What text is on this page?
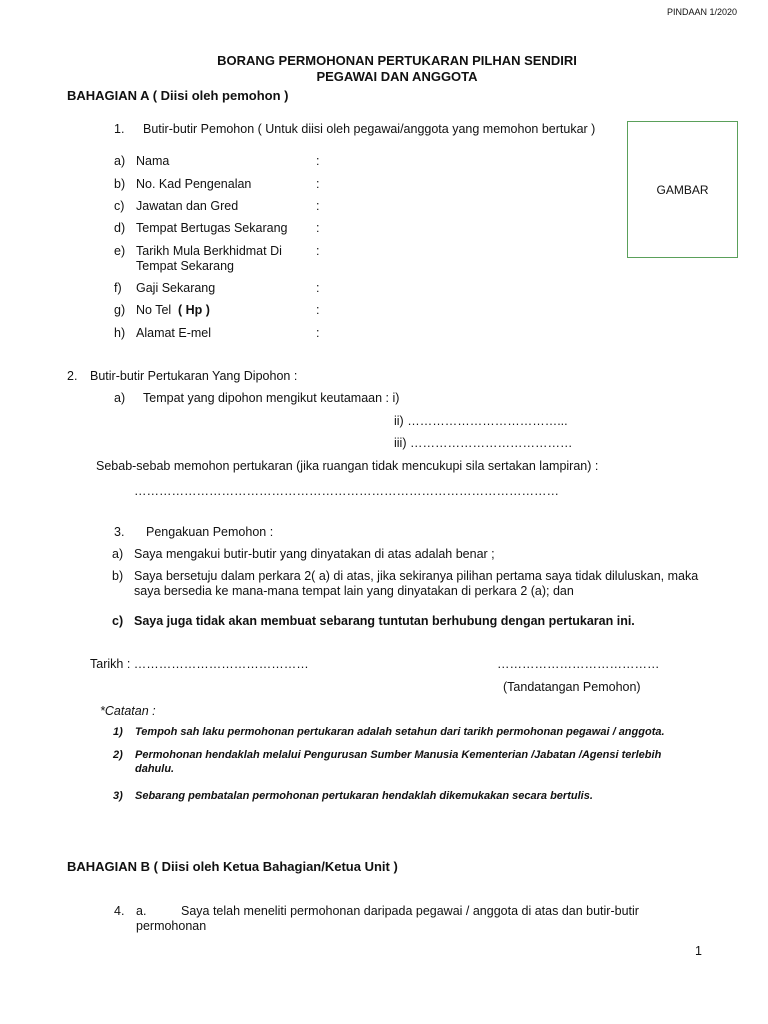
PINDAAN 1/2020
BORANG PERMOHONAN PERTUKARAN PILHAN SENDIRI
PEGAWAI DAN ANGGOTA
BAHAGIAN A ( Diisi oleh pemohon )
GAMBAR
1. Butir-butir Pemohon ( Untuk diisi oleh pegawai/anggota yang memohon bertukar )
a) Nama	:
b) No. Kad Pengenalan	:
c) Jawatan dan Gred	:
d) Tempat Bertugas Sekarang :
e) Tarikh Mula Berkhidmat Di
Tempat Sekarang
:
f) Gaji Sekarang	:
g) No Tel ( Hp )	:
h) Alamat E-mel	:
2. Butir-butir Pertukaran Yang Dipohon :
a) Tempat yang dipohon mengikut keutamaan : i)
ii) ………………………………...
iii) …………………………………
Sebab-sebab memohon pertukaran (jika ruangan tidak mencukupi sila sertakan lampiran) :
…………………………………………………………………………………………
3. Pengakuan Pemohon :
a) Saya mengakui butir-butir yang dinyatakan di atas adalah benar ;
b) Saya bersetuju dalam perkara 2( a) di atas, jika sekiranya pilihan pertama saya tidak diluluskan, maka
saya bersedia ke mana-mana tempat lain yang dinyatakan di perkara 2 (a); dan
c) Saya juga tidak akan membuat sebarang tuntutan berhubung dengan pertukaran ini.
Tarikh : ……………………………………	…………………………………
(Tandatangan Pemohon)
*Catatan :
1) Tempoh sah laku permohonan pertukaran adalah setahun dari tarikh permohonan pegawai / anggota.
2) Permohonan hendaklah melalui Pengurusan Sumber Manusia Kementerian /Jabatan /Agensi terlebih
dahulu.
3) Sebarang pembatalan permohonan pertukaran hendaklah dikemukakan secara bertulis.
BAHAGIAN B ( Diisi oleh Ketua Bahagian/Ketua Unit )
4. a.	Saya telah meneliti permohonan daripada pegawai / anggota di atas dan butir-butir
permohonan
1
